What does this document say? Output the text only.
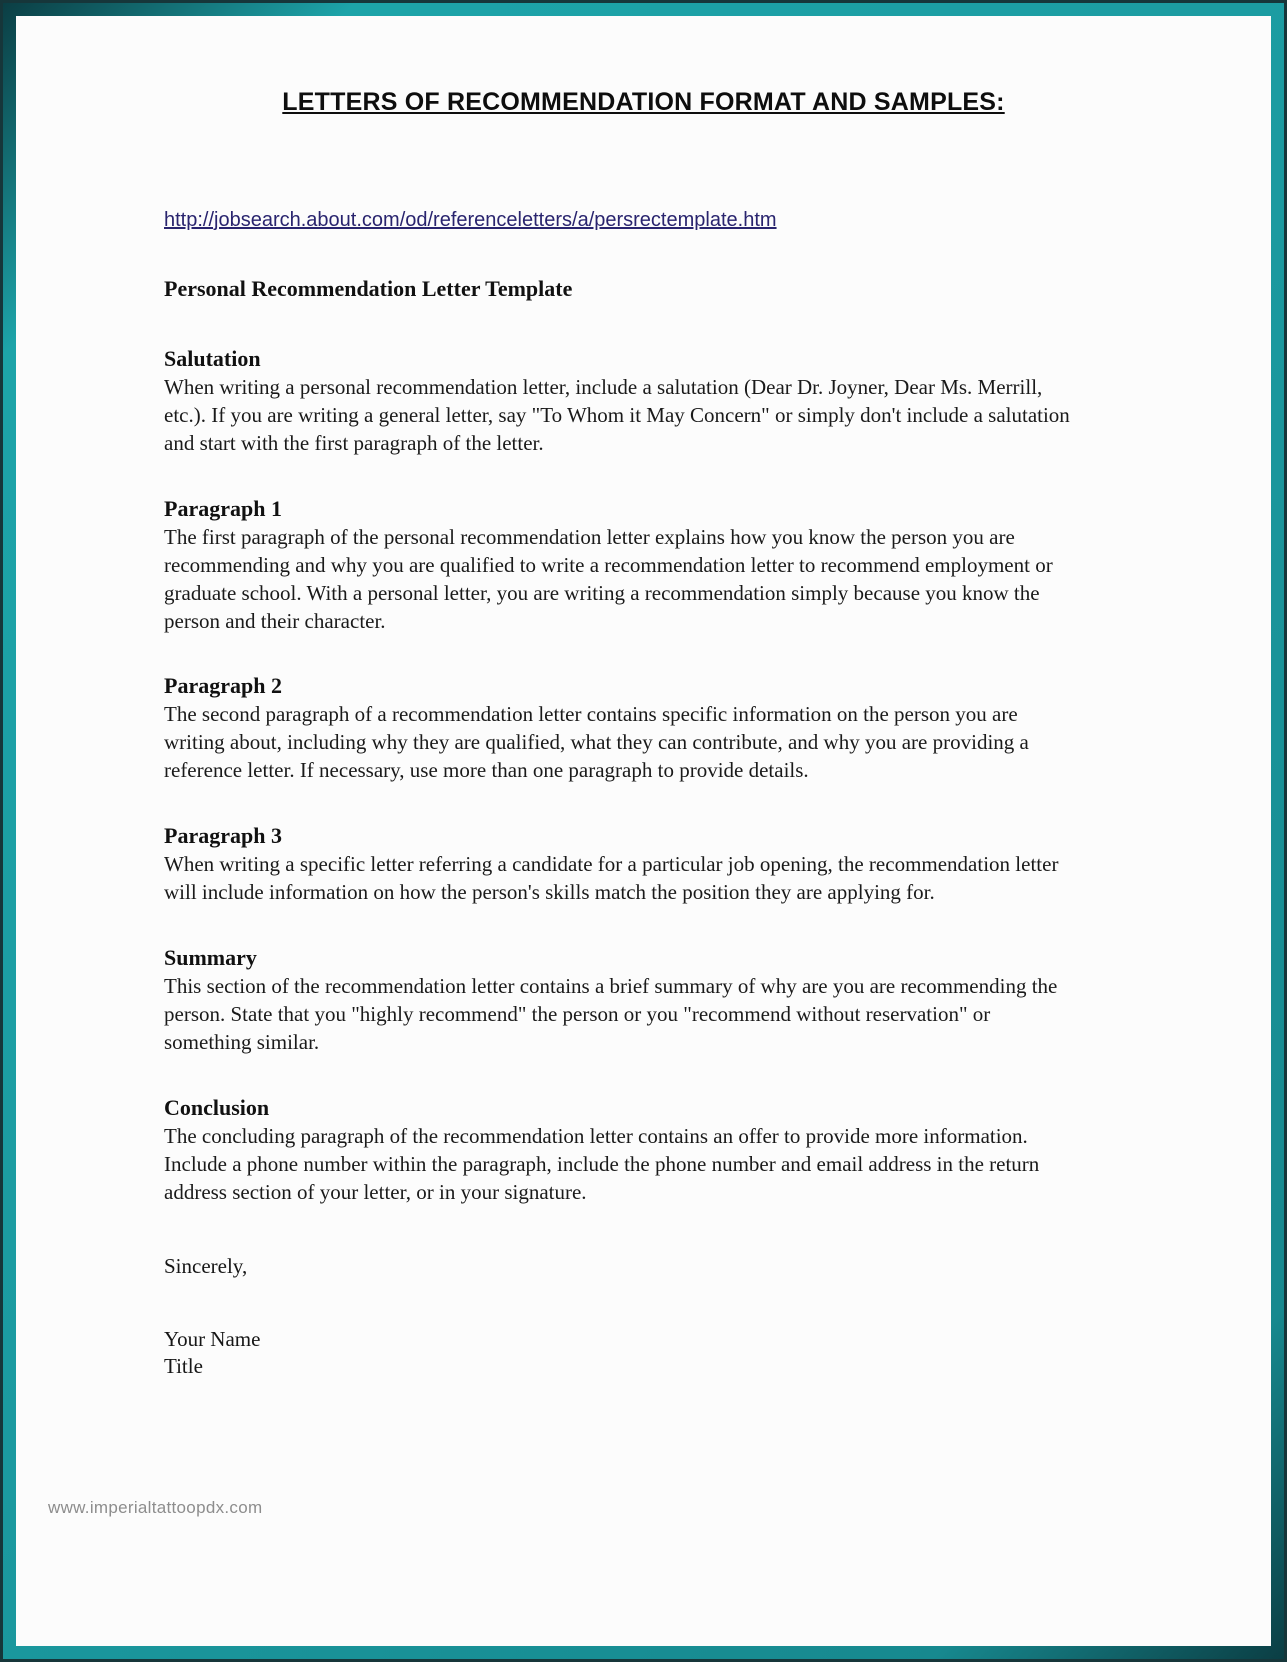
LETTERS OF RECOMMENDATION FORMAT AND SAMPLES:
http://jobsearch.about.com/od/referenceletters/a/persrectemplate.htm
Personal Recommendation Letter Template
Salutation
When writing a personal recommendation letter, include a salutation (Dear Dr. Joyner, Dear Ms. Merrill, etc.). If you are writing a general letter, say "To Whom it May Concern" or simply don't include a salutation and start with the first paragraph of the letter.
Paragraph 1
The first paragraph of the personal recommendation letter explains how you know the person you are recommending and why you are qualified to write a recommendation letter to recommend employment or graduate school. With a personal letter, you are writing a recommendation simply because you know the person and their character.
Paragraph 2
The second paragraph of a recommendation letter contains specific information on the person you are writing about, including why they are qualified, what they can contribute, and why you are providing a reference letter. If necessary, use more than one paragraph to provide details.
Paragraph 3
When writing a specific letter referring a candidate for a particular job opening, the recommendation letter will include information on how the person's skills match the position they are applying for.
Summary
This section of the recommendation letter contains a brief summary of why are you are recommending the person. State that you "highly recommend" the person or you "recommend without reservation" or something similar.
Conclusion
The concluding paragraph of the recommendation letter contains an offer to provide more information. Include a phone number within the paragraph, include the phone number and email address in the return address section of your letter, or in your signature.
Sincerely,
Your Name
Title
www.imperialtattoopdx.com
